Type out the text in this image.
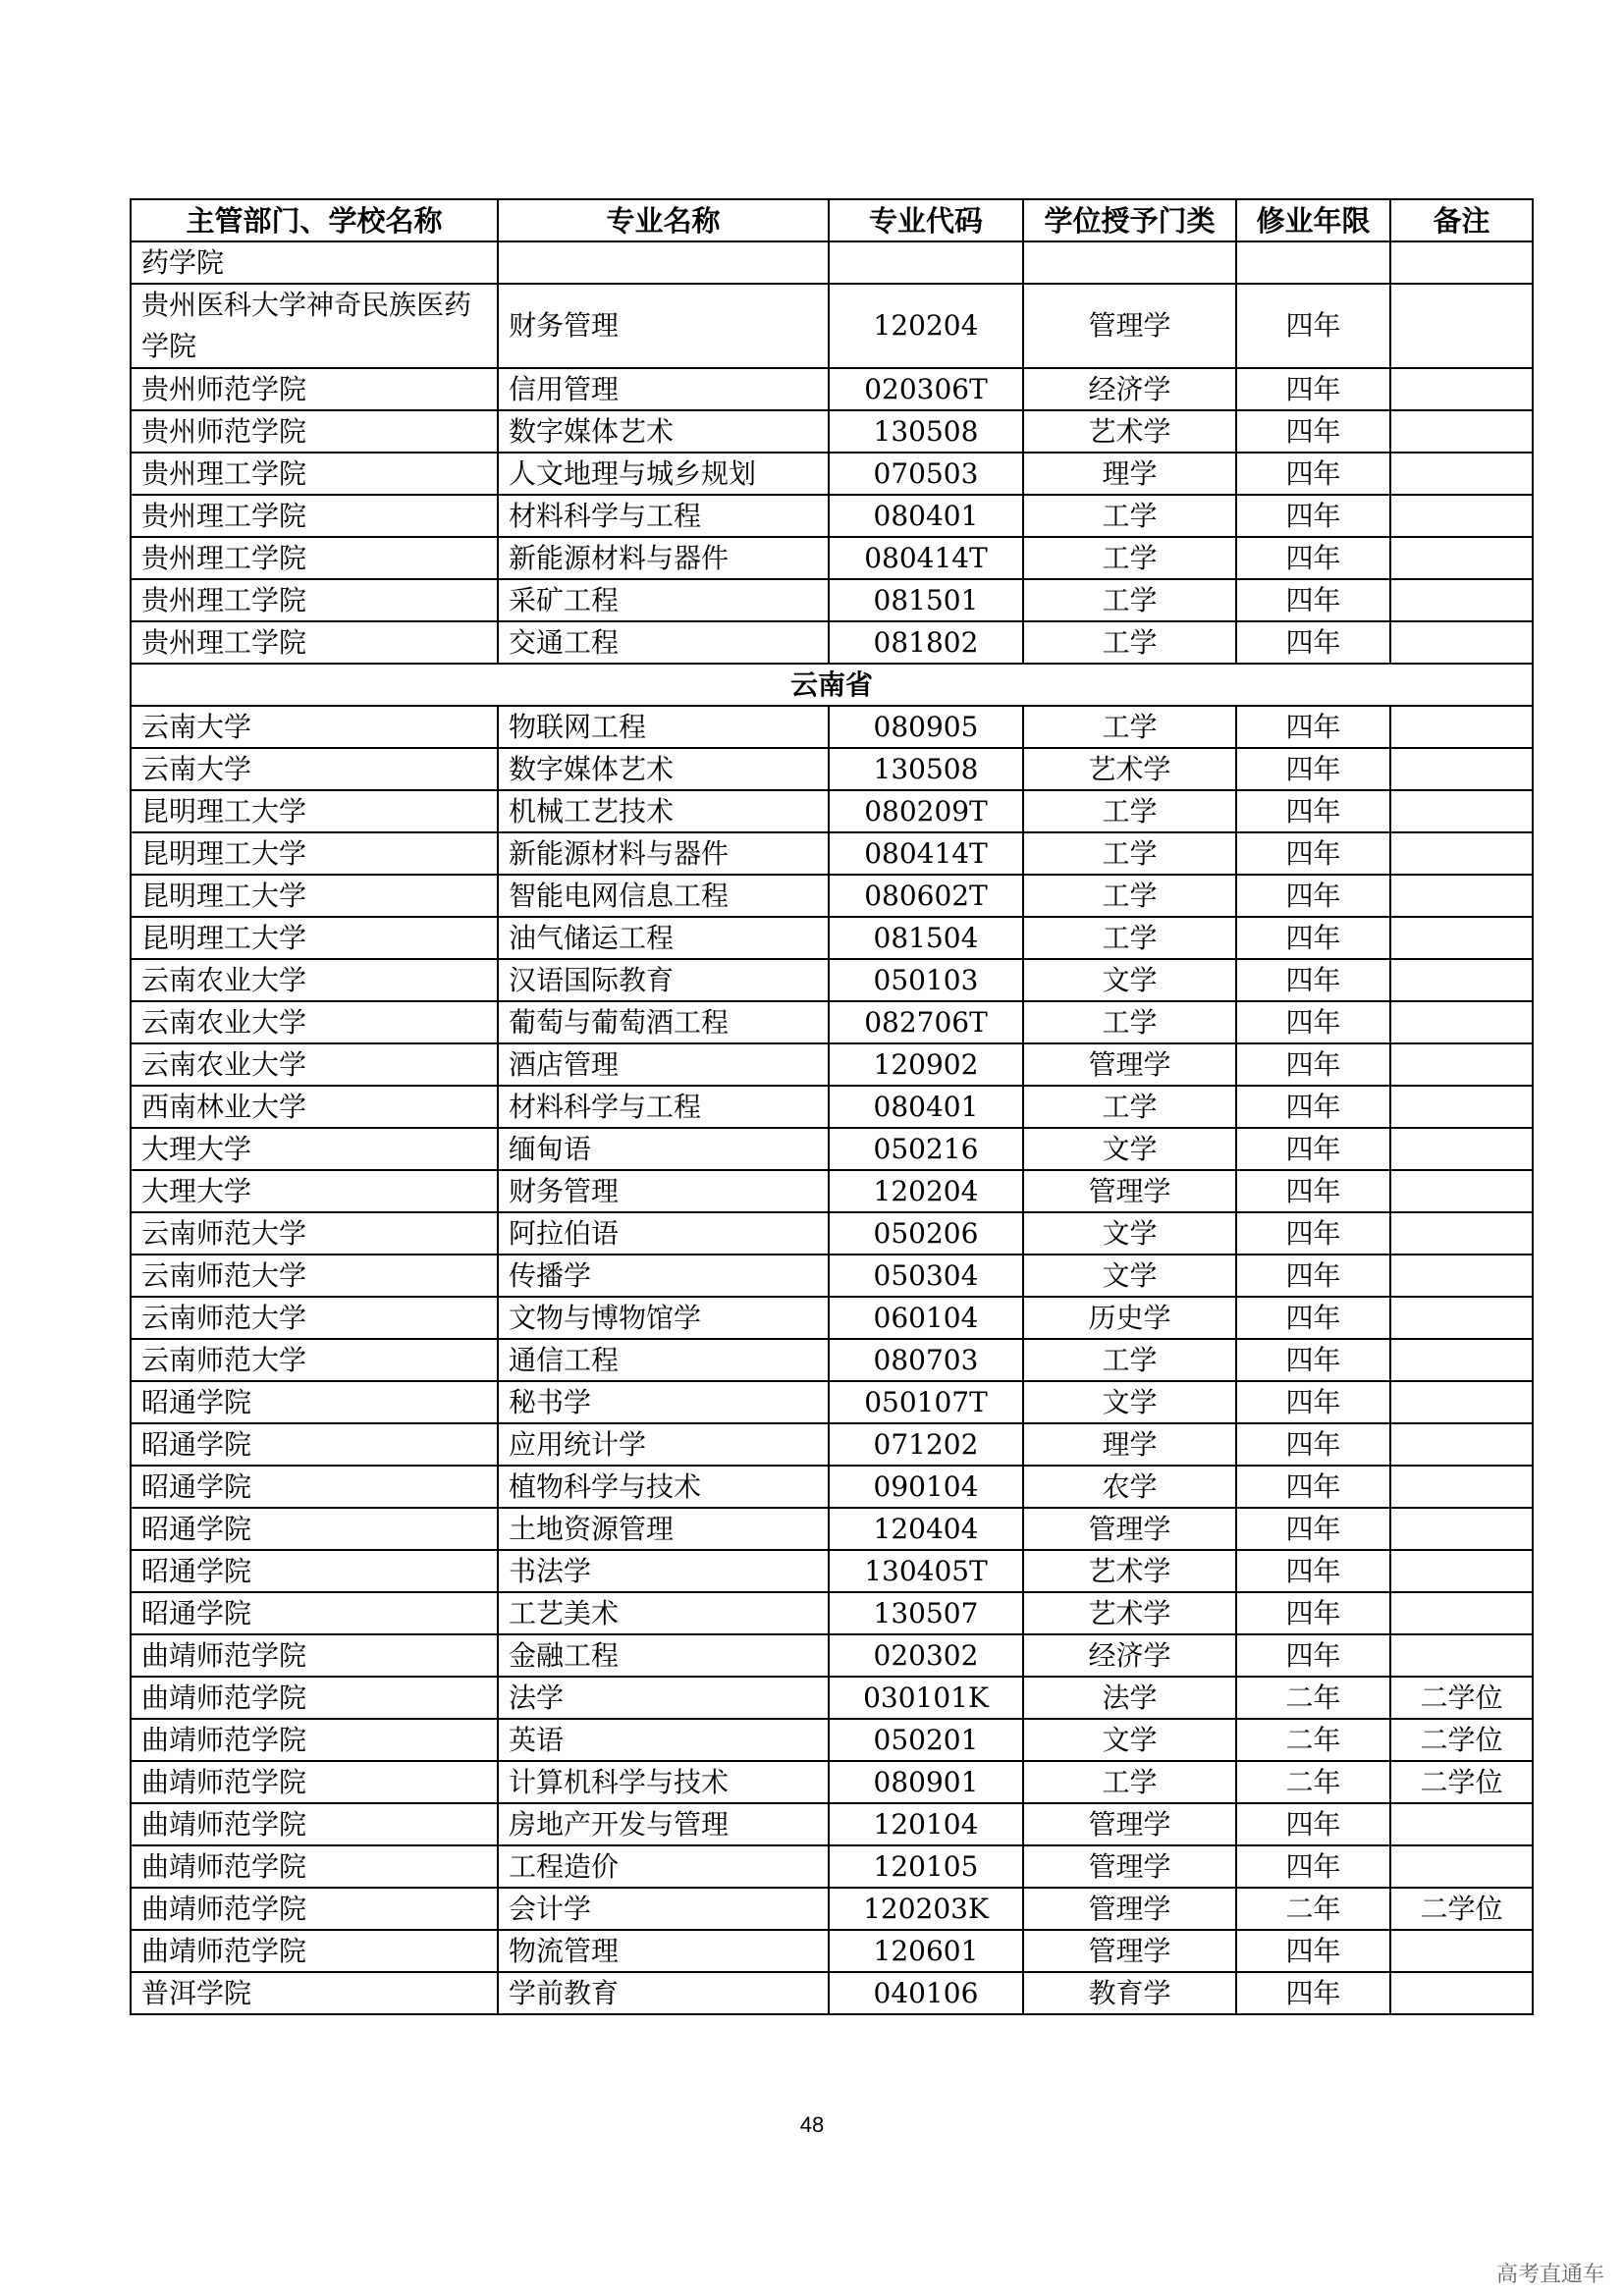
主管部门、学校名称	专业名称	专业代码	学位授予门类	修业年限	备注
药学院					
贵州医科大学神奇民族医药学院	财务管理	120204	管理学	四年	
贵州师范学院	信用管理	020306T	经济学	四年	
贵州师范学院	数字媒体艺术	130508	艺术学	四年	
贵州理工学院	人文地理与城乡规划	070503	理学	四年	
贵州理工学院	材料科学与工程	080401	工学	四年	
贵州理工学院	新能源材料与器件	080414T	工学	四年	
贵州理工学院	采矿工程	081501	工学	四年	
贵州理工学院	交通工程	081802	工学	四年	
云南省					
云南大学	物联网工程	080905	工学	四年	
云南大学	数字媒体艺术	130508	艺术学	四年	
昆明理工大学	机械工艺技术	080209T	工学	四年	
昆明理工大学	新能源材料与器件	080414T	工学	四年	
昆明理工大学	智能电网信息工程	080602T	工学	四年	
昆明理工大学	油气储运工程	081504	工学	四年	
云南农业大学	汉语国际教育	050103	文学	四年	
云南农业大学	葡萄与葡萄酒工程	082706T	工学	四年	
云南农业大学	酒店管理	120902	管理学	四年	
西南林业大学	材料科学与工程	080401	工学	四年	
大理大学	缅甸语	050216	文学	四年	
大理大学	财务管理	120204	管理学	四年	
云南师范大学	阿拉伯语	050206	文学	四年	
云南师范大学	传播学	050304	文学	四年	
云南师范大学	文物与博物馆学	060104	历史学	四年	
云南师范大学	通信工程	080703	工学	四年	
昭通学院	秘书学	050107T	文学	四年	
昭通学院	应用统计学	071202	理学	四年	
昭通学院	植物科学与技术	090104	农学	四年	
昭通学院	土地资源管理	120404	管理学	四年	
昭通学院	书法学	130405T	艺术学	四年	
昭通学院	工艺美术	130507	艺术学	四年	
曲靖师范学院	金融工程	020302	经济学	四年	
曲靖师范学院	法学	030101K	法学	二年	二学位
曲靖师范学院	英语	050201	文学	二年	二学位
曲靖师范学院	计算机科学与技术	080901	工学	二年	二学位
曲靖师范学院	房地产开发与管理	120104	管理学	四年	
曲靖师范学院	工程造价	120105	管理学	四年	
曲靖师范学院	会计学	120203K	管理学	二年	二学位
曲靖师范学院	物流管理	120601	管理学	四年	
普洱学院	学前教育	040106	教育学	四年	
48
高考直通车
